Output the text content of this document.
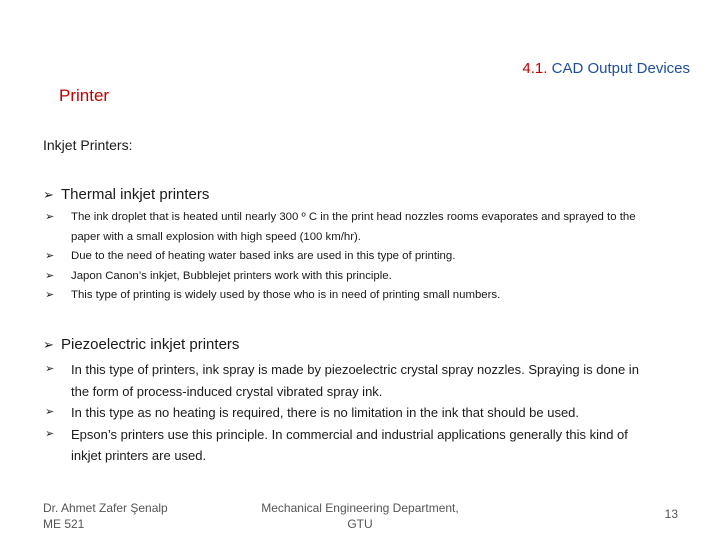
4.1. CAD Output Devices
Printer
Inkjet Printers:
➢ Thermal inkjet printers
➢ The ink droplet that is heated until nearly 300 º C in the print head nozzles rooms evaporates and sprayed to the paper with a small explosion with high speed (100 km/hr).
➢ Due to the need of heating water based inks are used in this type of printing.
➢ Japon Canon’s inkjet, Bubblejet printers work with this principle.
➢ This type of printing is widely used by those who is in need of printing small numbers.
➢ Piezoelectric inkjet printers
➢ In this type of printers, ink spray is made by piezoelectric crystal spray nozzles. Spraying is done in the form of process-induced crystal vibrated spray ink.
➢ In this type as no heating is required, there is no limitation in the ink that should be used.
➢ Epson’s printers use this principle. In commercial and industrial applications generally this kind of inkjet printers are used.
Dr. Ahmet Zafer Şenalp
ME 521
Mechanical Engineering Department,
GTU
13
